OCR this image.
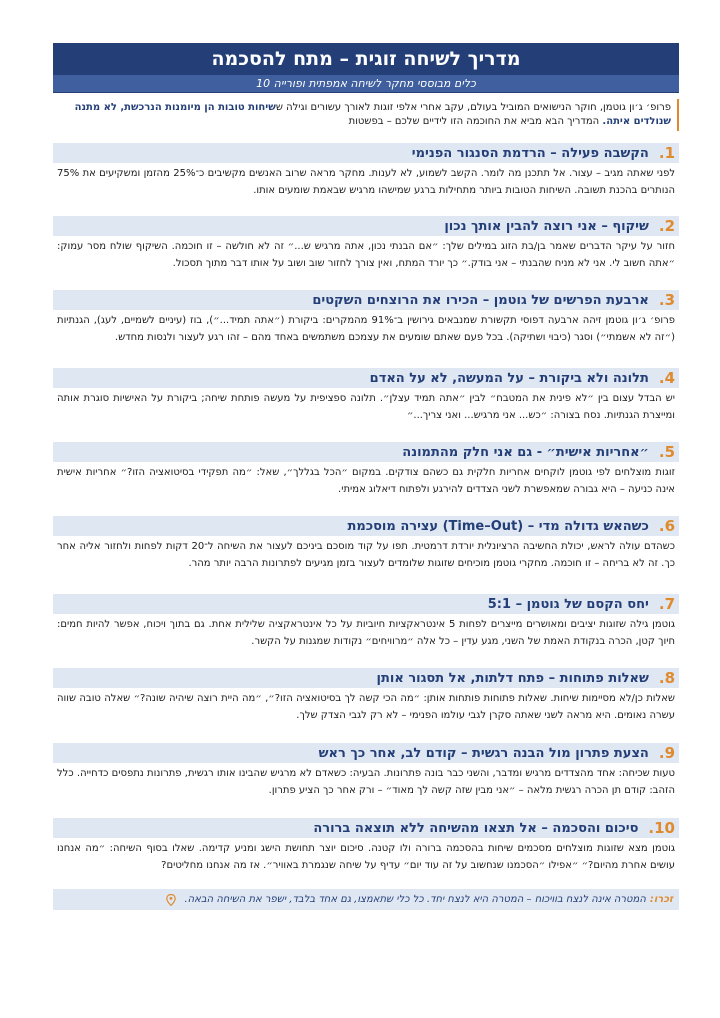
מדריך לשיחה זוגית – מתח להסכמה
כלים מבוססי מחקר לשיחה אמפתית ופורייה 10
פרופ׳ ג׳ון גוטמן, חוקר הנישואים המוביל בעולם, עקב אחרי אלפי זוגות לאורך עשורים וגילה ששיחות טובות הן מיומנות הנרכשת, לא מתנה שנולדים איתה. המדריך הבא מביא את החוכמה הזו לידיים שלכם – בפשטות
1.
הקשבה פעילה – הרדמת הסנגור הפנימי
לפני שאתה מגיב – עצור. אל תתכנן מה לומר. הקשב לשמוע, לא לענות. מחקר מראה שרוב האנשים מקשיבים כ־25% מהזמן ומשקיעים את 75% הנותרים בהכנת תשובה. השיחות הטובות ביותר מתחילות ברגע שמישהו מרגיש שבאמת שומעים אותו.
2.
שיקוף – אני רוצה להבין אותך נכון
חזור על עיקר הדברים שאמר בן/בת הזוג במילים שלך: ״אם הבנתי נכון, אתה מרגיש ש...״ זה לא חולשה – זו חוכמה. השיקוף שולח מסר עמוק: ״אתה חשוב לי. אני לא מניח שהבנתי – אני בודק.״ כך יורד המתח, ואין צורך לחזור שוב ושוב על אותו דבר מתוך תסכול.
3.
ארבעת הפרשים של גוטמן – הכירו את הרוצחים השקטים
פרופ׳ ג׳ון גוטמן זיהה ארבעה דפוסי תקשורת שמנבאים גירושין ב־91% מהמקרים: ביקורת (״אתה תמיד...״), בוז (עיניים לשמיים, לעג), הגנתיות (״זה לא אשמתי״) וסגר (כיבוי ושתיקה). בכל פעם שאתם שומעים את עצמכם משתמשים באחד מהם – זהו רגע לעצור ולנסות מחדש.
4.
תלונה ולא ביקורת – על המעשה, לא על האדם
יש הבדל עצום בין ״לא פינית את המטבח״ לבין ״אתה תמיד עצלן״. תלונה ספציפית על מעשה פותחת שיחה; ביקורת על האישיות סוגרת אותה ומייצרת הגנתיות. נסח בצורה: ״כש... אני מרגיש... ואני צריך...״
5.
״אחריות אישית״ - גם אני חלק מהתמונה
זוגות מוצלחים לפי גוטמן לוקחים אחריות חלקית גם כשהם צודקים. במקום ״הכל בגללך״, שאל: ״מה תפקידי בסיטואציה הזו?״ אחריות אישית אינה כניעה – היא גבורה שמאפשרת לשני הצדדים להירגע ולפתוח דיאלוג אמיתי.
6.
כשהאש גדולה מדי – (Time–Out) עצירה מוסכמת
כשהדם עולה לראש, יכולת החשיבה הרציונלית יורדת דרמטית. תפו על קוד מוסכם ביניכם לעצור את השיחה ל־20 דקות לפחות ולחזור אליה אחר כך. זה לא בריחה – זו חוכמה. מחקרי גוטמן מוכיחים שזוגות שלומדים לעצור בזמן מגיעים לפתרונות הרבה יותר מהר.
7.
יחס הקסם של גוטמן – 5:1
גוטמן גילה שזוגות יציבים ומאושרים מייצרים לפחות 5 אינטראקציות חיוביות על כל אינטראקציה שלילית אחת. גם בתוך ויכוח, אפשר להיות חמים: חיוך קטן, הכרה בנקודת האמת של השני, מגע עדין – כל אלה ״מרוויחים״ נקודות שמגנות על הקשר.
8.
שאלות פתוחות – פתח דלתות, אל תסגור אותן
שאלות כן/לא מסיימות שיחות. שאלות פתוחות פותחות אותן: ״מה הכי קשה לך בסיטואציה הזו?״, ״מה היית רוצה שיהיה שונה?״ שאלה טובה שווה עשרה נאומים. היא מראה לשני שאתה סקרן לגבי עולמו הפנימי – לא רק לגבי הצדק שלך.
9.
הצעת פתרון מול הבנה רגשית – קודם לב, אחר כך ראש
טעות שכיחה: אחד מהצדדים מרגיש ומדבר, והשני כבר בונה פתרונות. הבעיה: כשאדם לא מרגיש שהבינו אותו רגשית, פתרונות נתפסים כדחייה. כלל הזהב: קודם תן הכרה רגשית מלאה – ״אני מבין שזה קשה לך מאוד״ – ורק אחר כך הציע פתרון.
10.
סיכום והסכמה – אל תצאו מהשיחה ללא תוצאה ברורה
גוטמן מצא שזוגות מוצלחים מסכמים שיחות בהסכמה ברורה ולו קטנה. סיכום יוצר תחושת הישג ומניע קדימה. שאלו בסוף השיחה: ״מה אנחנו עושים אחרת מהיום?״ ״אפילו ״הסכמנו שנחשוב על זה עוד יום״ עדיף על שיחה שנגמרת באוויר״. אז מה אנחנו מחליטים?
זכרו:
המטרה אינה לנצח בוויכוח – המטרה היא לנצח יחד. כל כלי שתאמצו, גם אחד בלבד, ישפר את השיחה הבאה.
